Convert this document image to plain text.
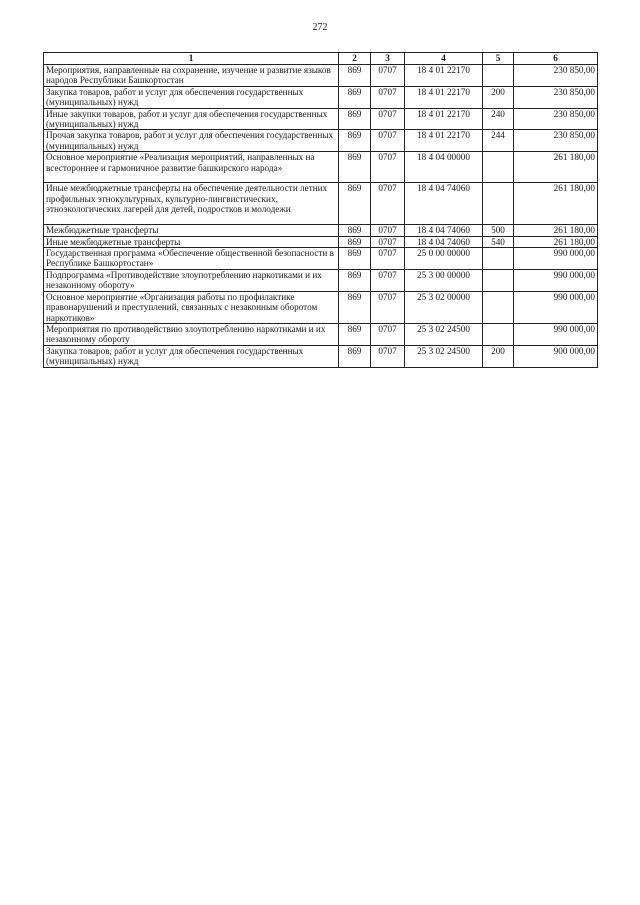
272
1	2	3	4	5	6
Мероприятия, направленные на сохранение, изучение и развитие языков народов Республики Башкортостан	869	0707	18 4 01 22170		230 850,00
Закупка товаров, работ и услуг для обеспечения государственных (муниципальных) нужд	869	0707	18 4 01 22170	200	230 850,00
Иные закупки товаров, работ и услуг для обеспечения государственных (муниципальных) нужд	869	0707	18 4 01 22170	240	230 850,00
Прочая закупка товаров, работ и услуг для обеспечения государственных (муниципальных) нужд	869	0707	18 4 01 22170	244	230 850,00
Основное мероприятие «Реализация мероприятий, направленных на всестороннее и гармоничное развитие башкирского народа»	869	0707	18 4 04 00000		261 180,00
Иные межбюджетные трансферты на обеспечение деятельности летних профильных этнокультурных, культурно-лингвистических, этноэкологических лагерей для детей, подростков и молодежи	869	0707	18 4 04 74060		261 180,00
Межбюджетные трансферты	869	0707	18 4 04 74060	500	261 180,00
Иные межбюджетные трансферты	869	0707	18 4 04 74060	540	261 180,00
Государственная программа «Обеспечение общественной безопасности в Республике Башкортостан»	869	0707	25 0 00 00000		990 000,00
Подпрограмма «Противодействие злоупотреблению наркотиками и их незаконному обороту»	869	0707	25 3 00 00000		990 000,00
Основное мероприятие «Организация работы по профилактике правонарушений и преступлений, связанных с незаконным оборотом наркотиков»	869	0707	25 3 02 00000		990 000,00
Мероприятия по противодействию злоупотреблению наркотиками и их незаконному обороту	869	0707	25 3 02 24500		990 000,00
Закупка товаров, работ и услуг для обеспечения государственных (муниципальных) нужд	869	0707	25 3 02 24500	200	900 000,00
